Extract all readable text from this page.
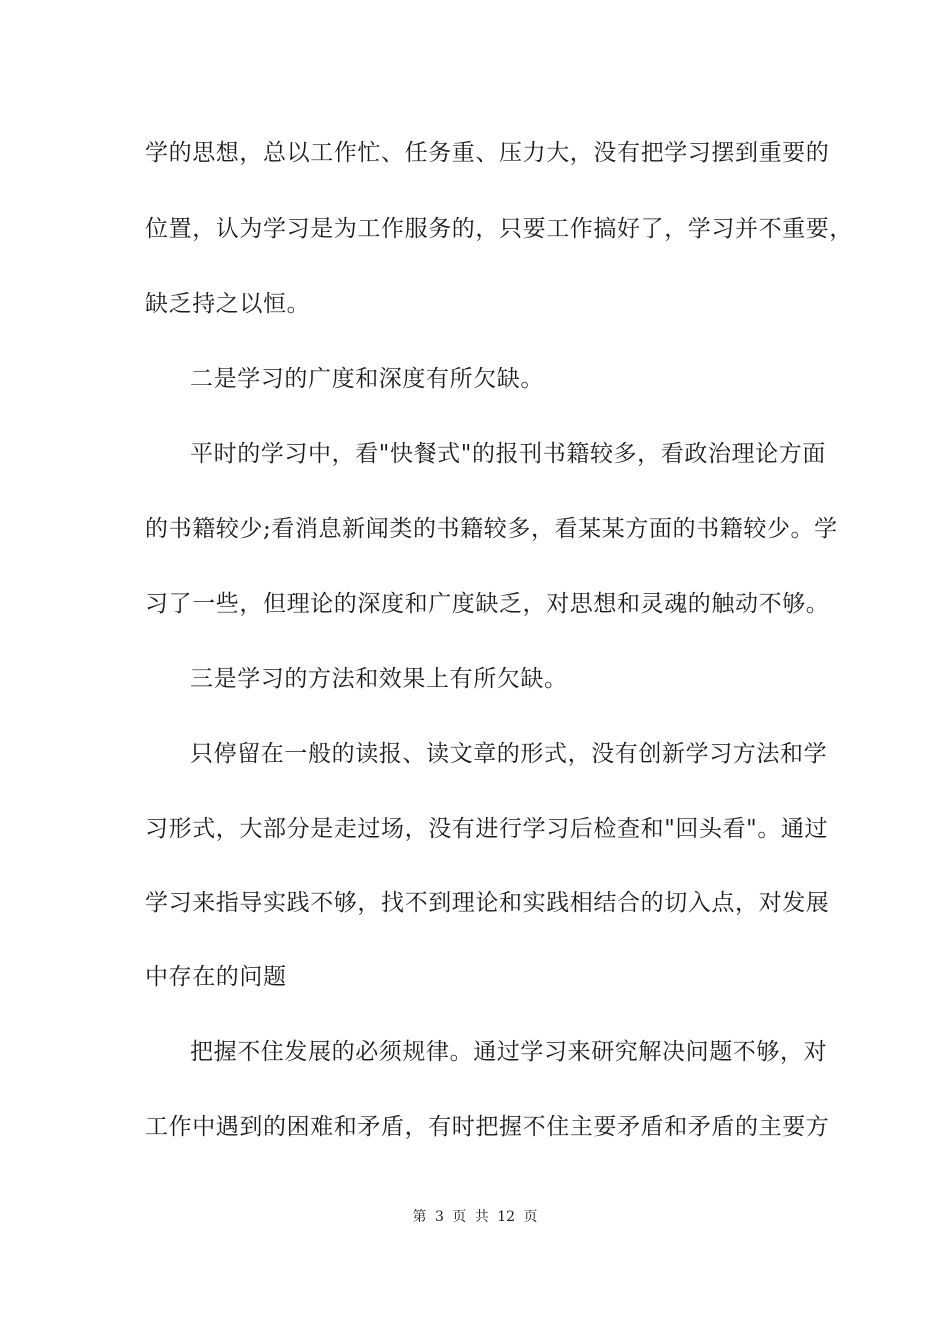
学的思想，总以工作忙、任务重、压力大，没有把学习摆到重要的
位置，认为学习是为工作服务的，只要工作搞好了，学习并不重要，
缺乏持之以恒。
二是学习的广度和深度有所欠缺。
平时的学习中，看"快餐式"的报刊书籍较多，看政治理论方面
的书籍较少;看消息新闻类的书籍较多，看某某方面的书籍较少。学
习了一些，但理论的深度和广度缺乏，对思想和灵魂的触动不够。
三是学习的方法和效果上有所欠缺。
只停留在一般的读报、读文章的形式，没有创新学习方法和学
习形式，大部分是走过场，没有进行学习后检查和"回头看"。通过
学习来指导实践不够，找不到理论和实践相结合的切入点，对发展
中存在的问题
把握不住发展的必须规律。通过学习来研究解决问题不够，对
工作中遇到的困难和矛盾，有时把握不住主要矛盾和矛盾的主要方
第 3 页 共 12 页
